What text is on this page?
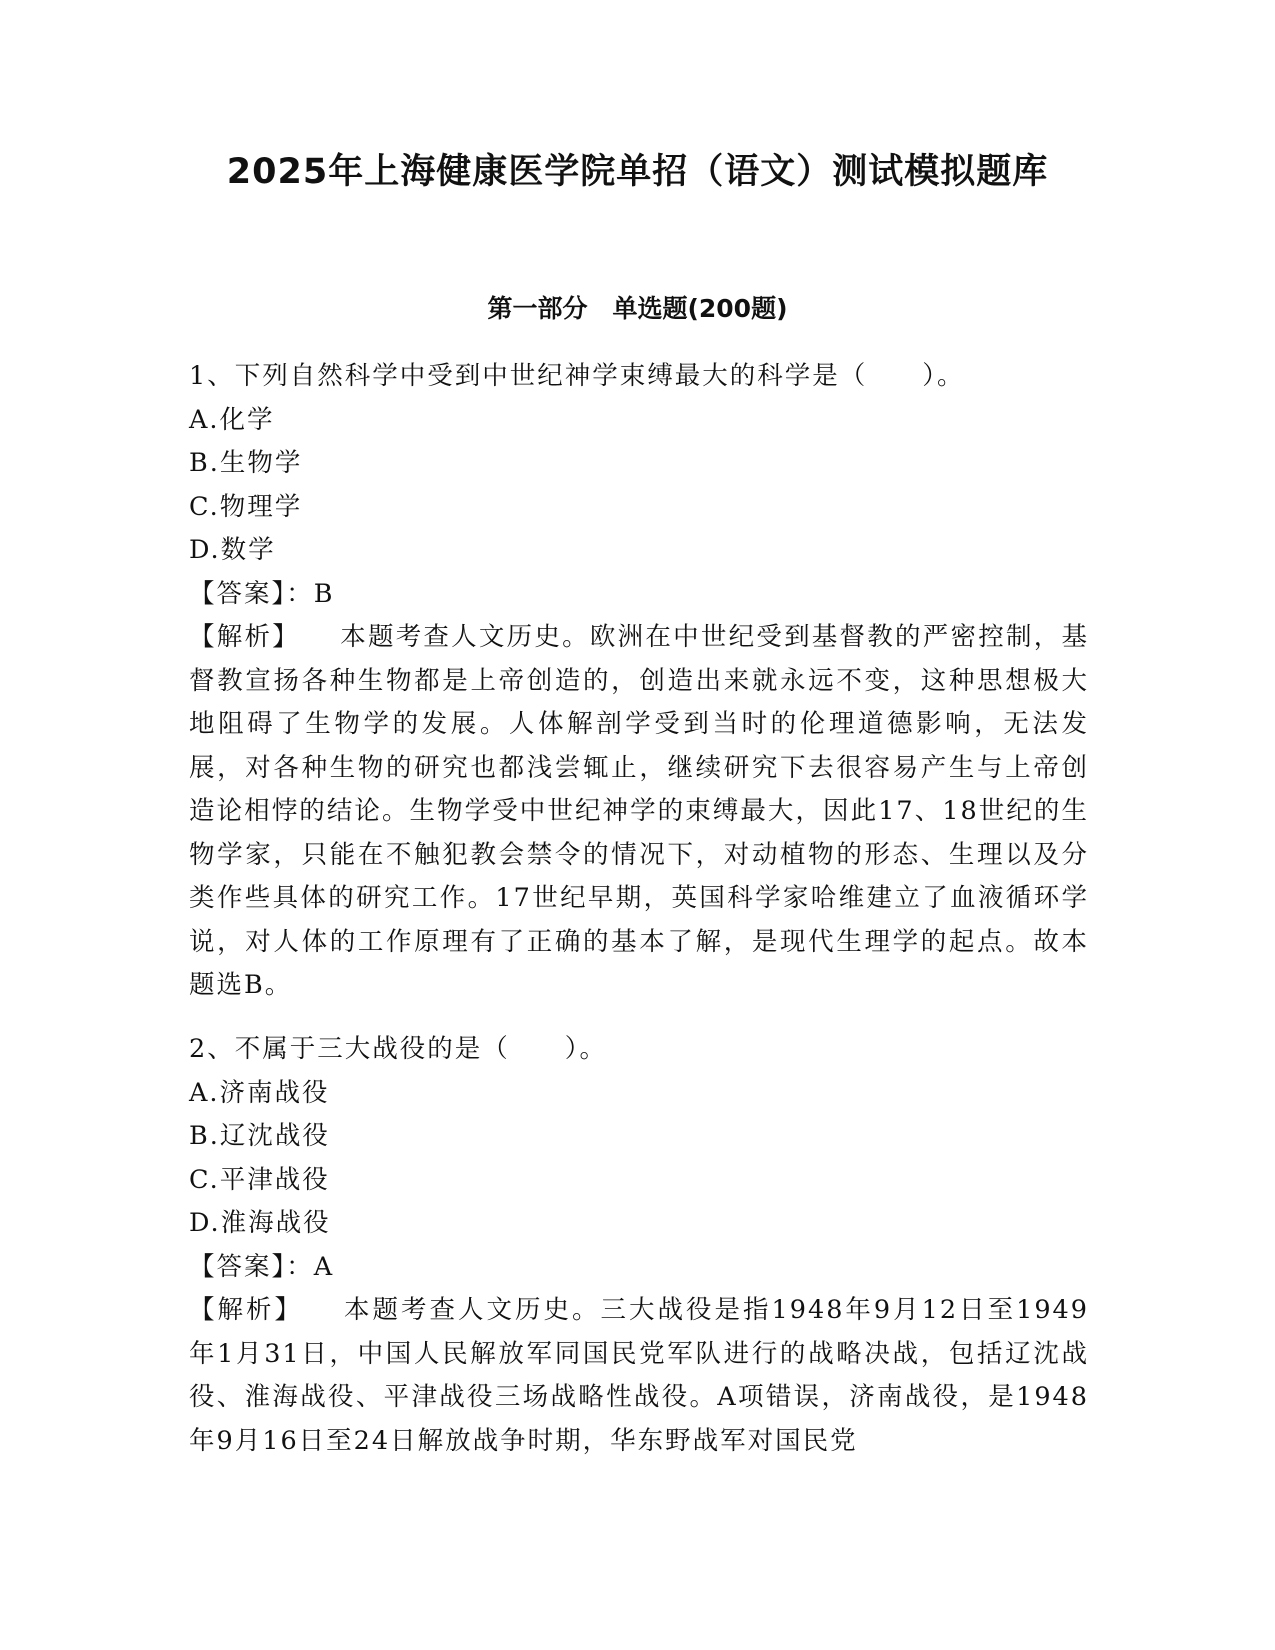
2025年上海健康医学院单招（语文）测试模拟题库
第一部分　单选题(200题)
1、下列自然科学中受到中世纪神学束缚最大的科学是（　　）。
A.化学
B.生物学
C.物理学
D.数学
【答案】：B
【解析】 本题考查人文历史。欧洲在中世纪受到基督教的严密控制，基督教宣扬各种生物都是上帝创造的，创造出来就永远不变，这种思想极大地阻碍了生物学的发展。人体解剖学受到当时的伦理道德影响，无法发展，对各种生物的研究也都浅尝辄止，继续研究下去很容易产生与上帝创造论相悖的结论。生物学受中世纪神学的束缚最大，因此17、18世纪的生物学家，只能在不触犯教会禁令的情况下，对动植物的形态、生理以及分类作些具体的研究工作。17世纪早期，英国科学家哈维建立了血液循环学说，对人体的工作原理有了正确的基本了解，是现代生理学的起点。故本题选B。
2、不属于三大战役的是（　　）。
A.济南战役
B.辽沈战役
C.平津战役
D.淮海战役
【答案】：A
【解析】 本题考查人文历史。三大战役是指1948年9月12日至1949年1月31日，中国人民解放军同国民党军队进行的战略决战，包括辽沈战役、淮海战役、平津战役三场战略性战役。A项错误，济南战役，是1948年9月16日至24日解放战争时期，华东野战军对国民党
